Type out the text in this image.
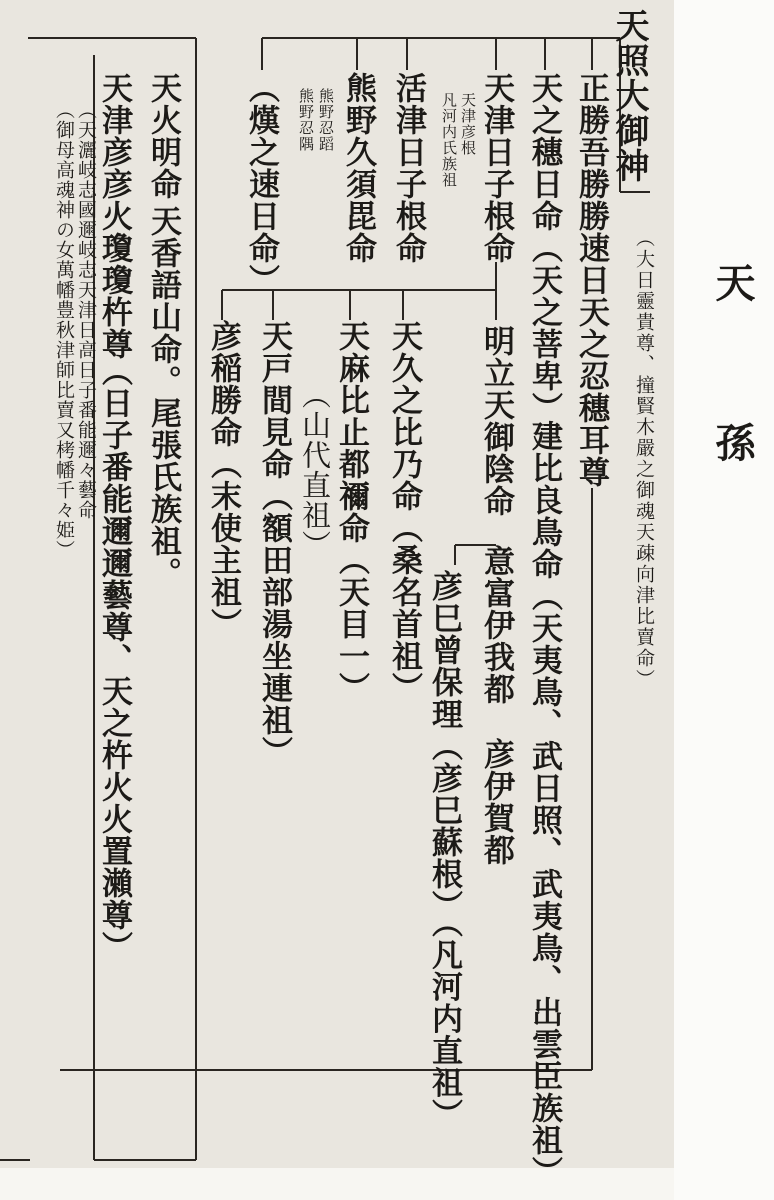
天照大御神
（大日靈貴尊、撞賢木嚴之御魂天疎向津比賣命） 天孫
正勝吾勝勝速日天之忍穗耳尊
天之穗日命（天之菩卑）
建比良鳥命（天夷鳥、武日照、武夷鳥、出雲臣族祖）
天津日子根命
天津彦根
凡河内氏族祖
明立天御陰命
意富伊我都
彦伊賀都
彦巳曾保理（彦巳蘇根）（凡河内直祖）
天久之比乃命（桑名首祖）
天麻比止都禰命（天目一）
天戸間見命（額田部湯坐連祖） （山代直祖）
彦稲勝命（末使主祖）
活津日子根命
熊野久須毘命
熊野忍蹈
熊野忍隅
（熯之速日命）
天火明命
天香語山命。尾張氏族祖。
天津彦彦火瓊瓊杵尊
（日子番能邇邇藝尊、天之杵火火置瀨尊）
（天灑岐志國邇岐志天津日高日子番能邇々藝命
（御母高魂神の女萬幡豊秋津師比賣又栲幡千々姫）
